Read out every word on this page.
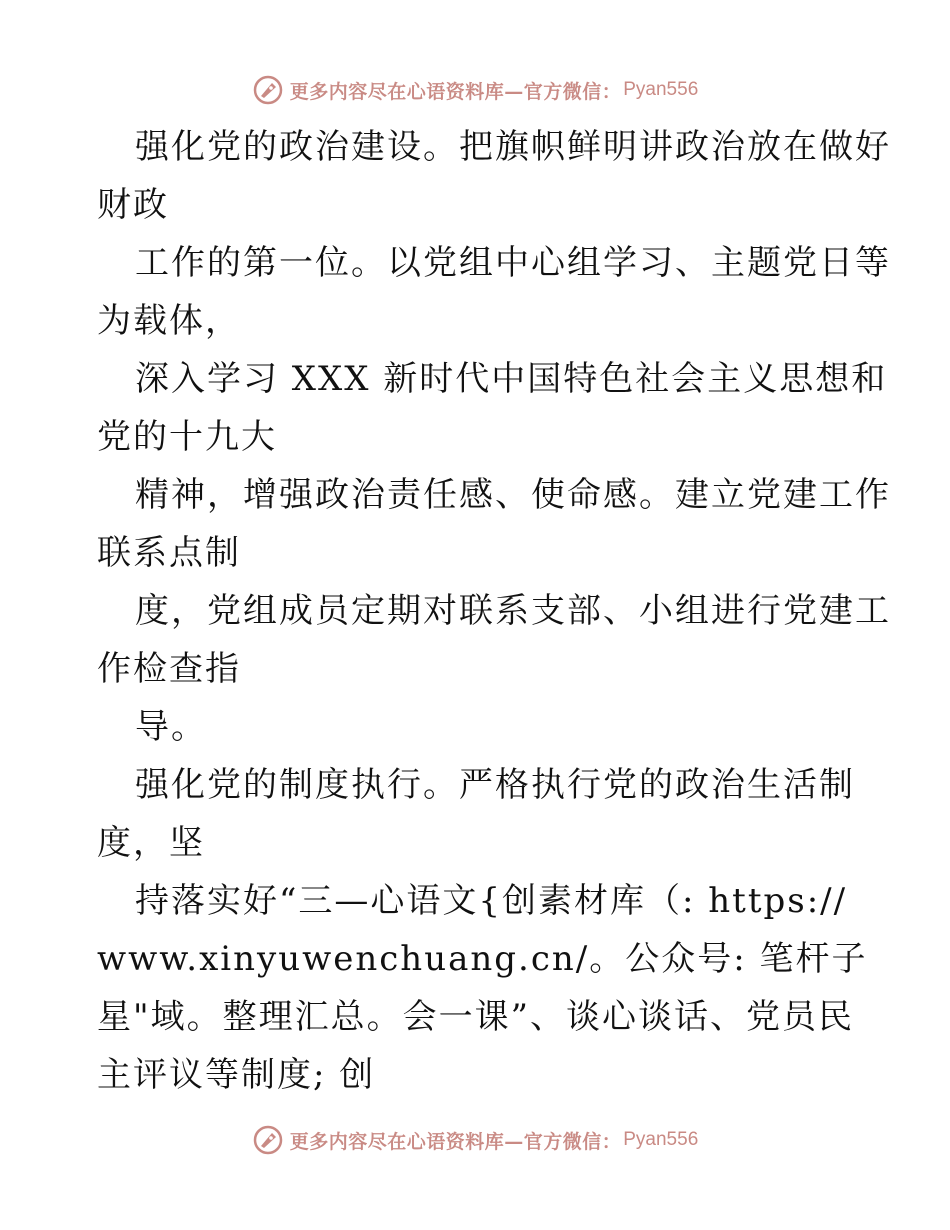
更多内容尽在心语资料库—官方微信： Pyan556
强化党的政治建设。把旗帜鲜明讲政治放在做好
财政
工作的第一位。以党组中心组学习、主题党日等
为载体，
深入学习 XXX 新时代中国特色社会主义思想和
党的十九大
精神，增强政治责任感、使命感。建立党建工作
联系点制
度，党组成员定期对联系支部、小组进行党建工
作检查指
导。
强化党的制度执行。严格执行党的政治生活制
度，坚
持落实好“三—心语文{创素材库（: https://
www.xinyuwenchuang.cn/。公众号: 笔杆子
星"域。整理汇总。会一课”、谈心谈话、党员民
主评议等制度; 创
更多内容尽在心语资料库—官方微信： Pyan556
